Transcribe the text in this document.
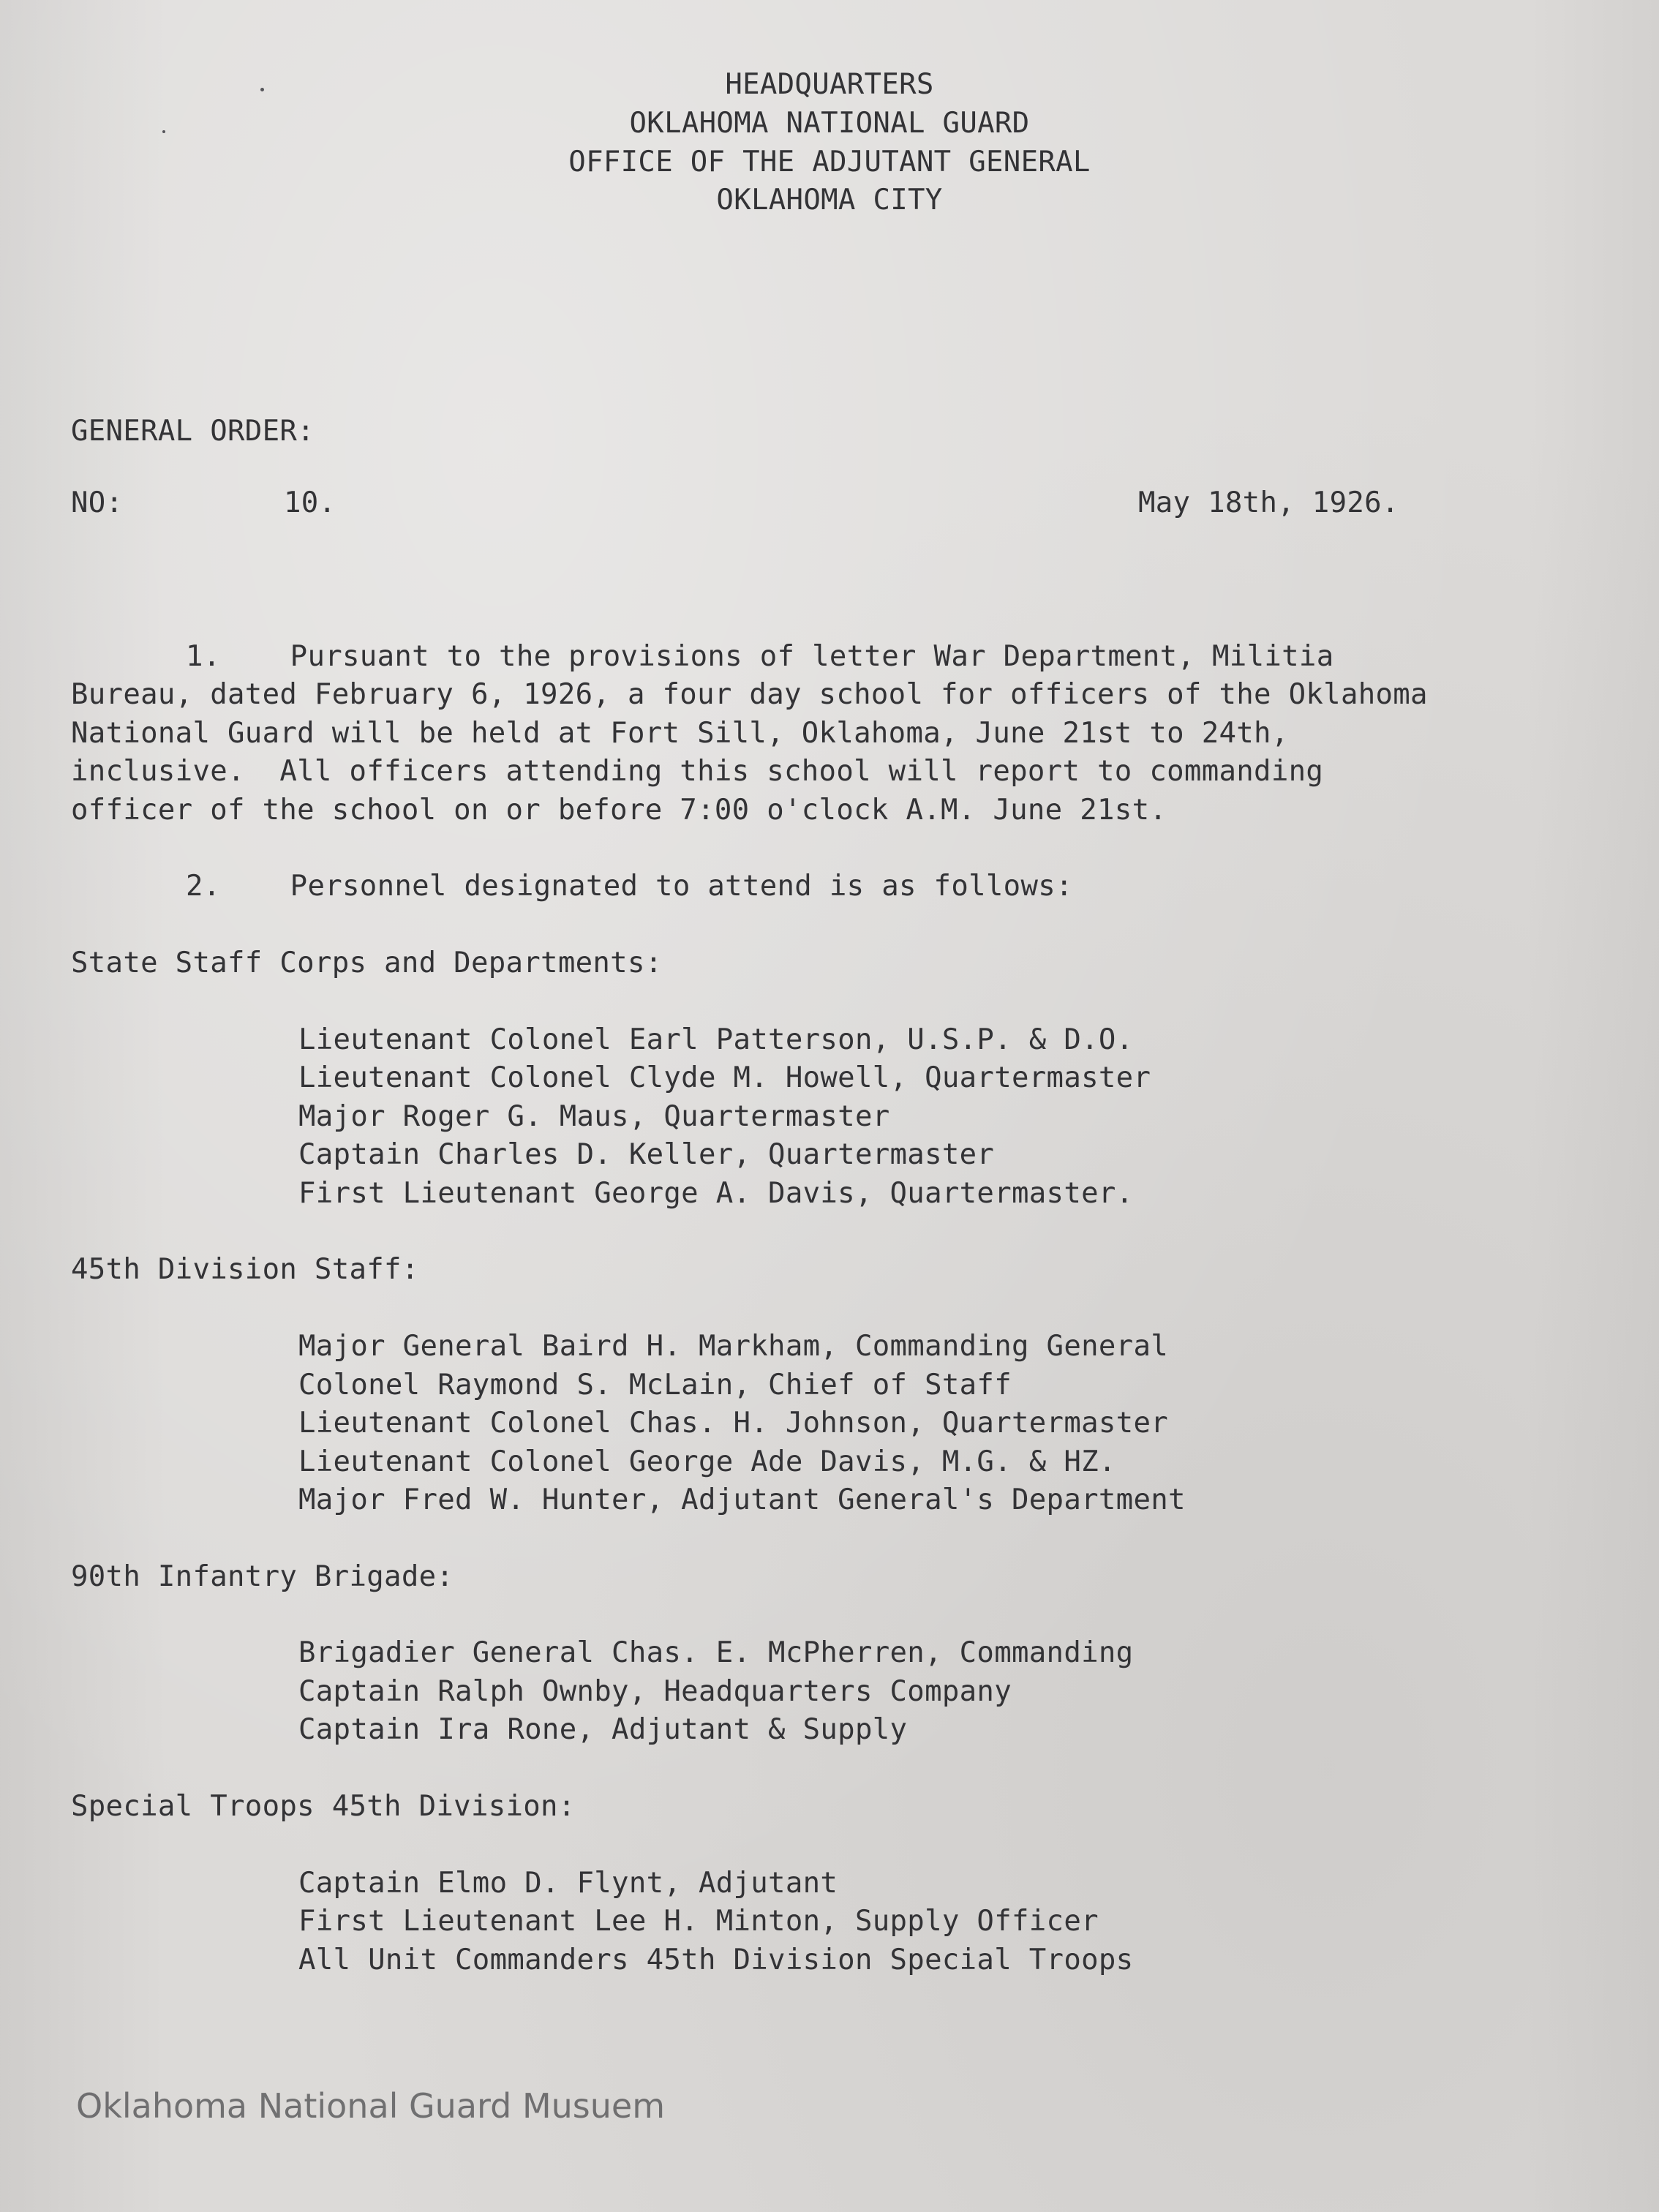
HEADQUARTERS
OKLAHOMA NATIONAL GUARD
OFFICE OF THE ADJUTANT GENERAL
OKLAHOMA CITY
GENERAL ORDER:
NO:	10.	May 18th, 1926.
1.    Pursuant to the provisions of letter War Department, Militia
Bureau, dated February 6, 1926, a four day school for officers of the Oklahoma
National Guard will be held at Fort Sill, Oklahoma, June 21st to 24th,
inclusive.  All officers attending this school will report to commanding
officer of the school on or before 7:00 o'clock A.M. June 21st.
2.    Personnel designated to attend is as follows:
State Staff Corps and Departments:
Lieutenant Colonel Earl Patterson, U.S.P. & D.O.
Lieutenant Colonel Clyde M. Howell, Quartermaster
Major Roger G. Maus, Quartermaster
Captain Charles D. Keller, Quartermaster
First Lieutenant George A. Davis, Quartermaster.
45th Division Staff:
Major General Baird H. Markham, Commanding General
Colonel Raymond S. McLain, Chief of Staff
Lieutenant Colonel Chas. H. Johnson, Quartermaster
Lieutenant Colonel George Ade Davis, M.G. & HZ.
Major Fred W. Hunter, Adjutant General's Department
90th Infantry Brigade:
Brigadier General Chas. E. McPherren, Commanding
Captain Ralph Ownby, Headquarters Company
Captain Ira Rone, Adjutant & Supply
Special Troops 45th Division:
Captain Elmo D. Flynt, Adjutant
First Lieutenant Lee H. Minton, Supply Officer
All Unit Commanders 45th Division Special Troops
Oklahoma National Guard Musuem
